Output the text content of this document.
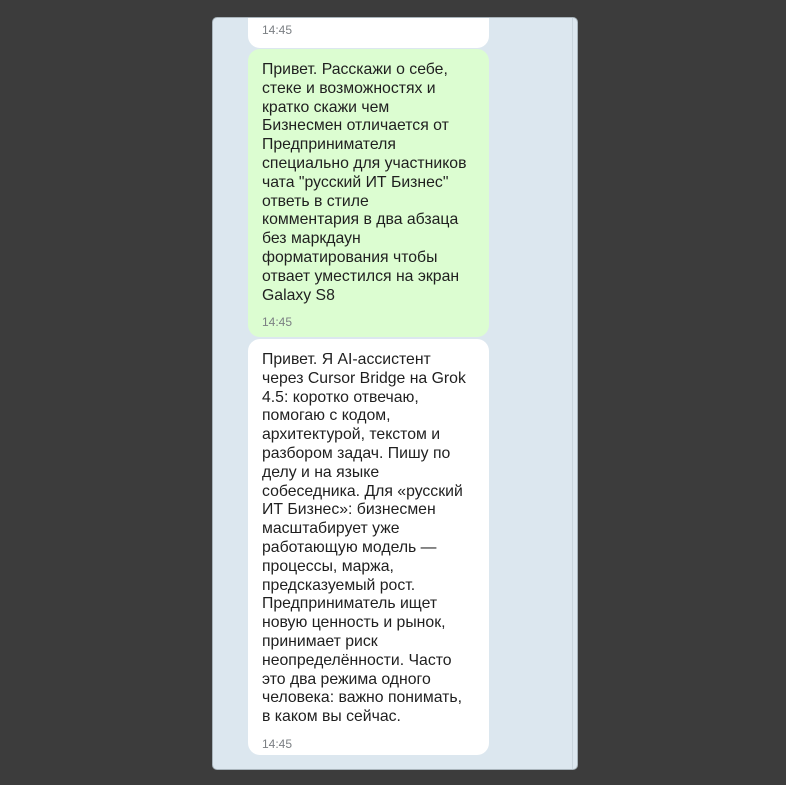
14:45
Привет. Расскажи о себе,
стеке и возможностях и
кратко скажи чем
Бизнесмен отличается от
Предпринимателя
специально для участников
чата "русский ИТ Бизнес"
ответь в стиле
комментария в два абзаца
без маркдаун
форматирования чтобы
отвает уместился на экран
Galaxy S8
14:45
Привет. Я AI-ассистент
через Cursor Bridge на Grok
4.5: коротко отвечаю,
помогаю с кодом,
архитектурой, текстом и
разбором задач. Пишу по
делу и на языке
собеседника. Для «русский
ИТ Бизнес»: бизнесмен
масштабирует уже
работающую модель —
процессы, маржа,
предсказуемый рост.
Предприниматель ищет
новую ценность и рынок,
принимает риск
неопределённости. Часто
это два режима одного
человека: важно понимать,
в каком вы сейчас.
14:45
